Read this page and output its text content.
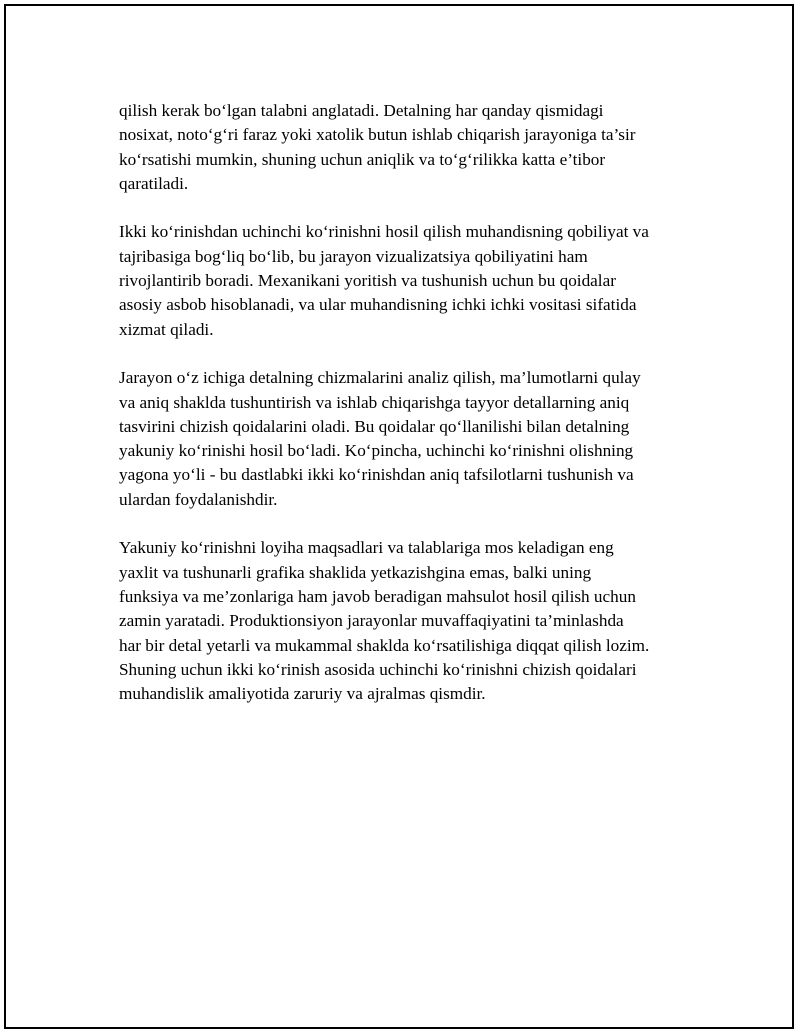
qilish kerak bo‘lgan talabni anglatadi. Detalning har qanday qismidagi
nosixat, noto‘g‘ri faraz yoki xatolik butun ishlab chiqarish jarayoniga ta’sir
ko‘rsatishi mumkin, shuning uchun aniqlik va to‘g‘rilikka katta e’tibor
qaratiladi.

Ikki ko‘rinishdan uchinchi ko‘rinishni hosil qilish muhandisning qobiliyat va
tajribasiga bog‘liq bo‘lib, bu jarayon vizualizatsiya qobiliyatini ham
rivojlantirib boradi. Mexanikani yoritish va tushunish uchun bu qoidalar
asosiy asbob hisoblanadi, va ular muhandisning ichki ichki vositasi sifatida
xizmat qiladi.

Jarayon o‘z ichiga detalning chizmalarini analiz qilish, ma’lumotlarni qulay
va aniq shaklda tushuntirish va ishlab chiqarishga tayyor detallarning aniq
tasvirini chizish qoidalarini oladi. Bu qoidalar qo‘llanilishi bilan detalning
yakuniy ko‘rinishi hosil bo‘ladi. Ko‘pincha, uchinchi ko‘rinishni olishning
yagona yo‘li - bu dastlabki ikki ko‘rinishdan aniq tafsilotlarni tushunish va
ulardan foydalanishdir.

Yakuniy ko‘rinishni loyiha maqsadlari va talablariga mos keladigan eng
yaxlit va tushunarli grafika shaklida yetkazishgina emas, balki uning
funksiya va me’zonlariga ham javob beradigan mahsulot hosil qilish uchun
zamin yaratadi. Produktionsiyon jarayonlar muvaffaqiyatini ta’minlashda
har bir detal yetarli va mukammal shaklda ko‘rsatilishiga diqqat qilish lozim.
Shuning uchun ikki ko‘rinish asosida uchinchi ko‘rinishni chizish qoidalari
muhandislik amaliyotida zaruriy va ajralmas qismdir.
